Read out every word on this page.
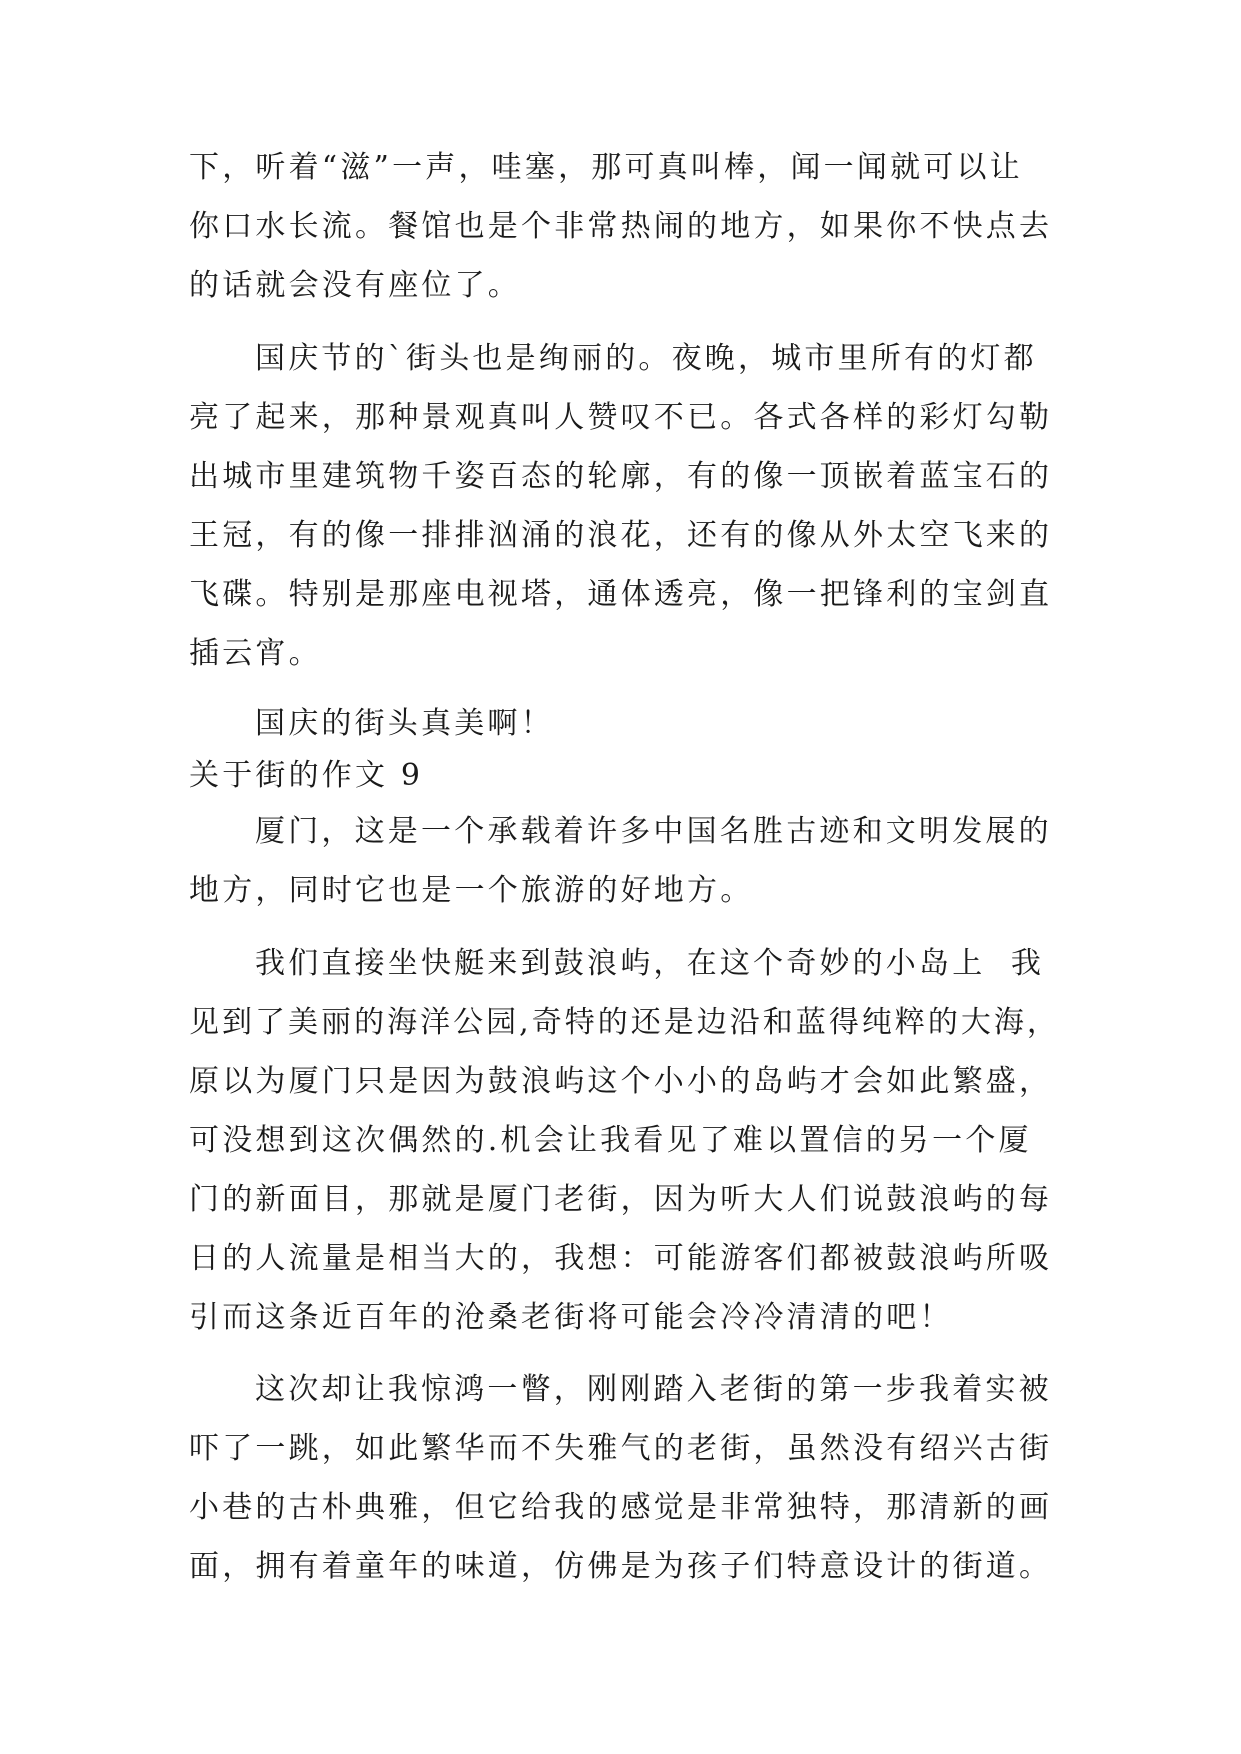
下，听着“滋”一声，哇塞，那可真叫棒，闻一闻就可以让
你口水长流。餐馆也是个非常热闹的地方，如果你不快点去
的话就会没有座位了。
国庆节的`街头也是绚丽的。夜晚，城市里所有的灯都
亮了起来，那种景观真叫人赞叹不已。各式各样的彩灯勾勒
出城市里建筑物千姿百态的轮廓，有的像一顶嵌着蓝宝石的
王冠，有的像一排排汹涌的浪花，还有的像从外太空飞来的
飞碟。特别是那座电视塔，通体透亮，像一把锋利的宝剑直
插云宵。
国庆的街头真美啊！
关于街的作文 9
厦门，这是一个承载着许多中国名胜古迹和文明发展的
地方，同时它也是一个旅游的好地方。
我们直接坐快艇来到鼓浪屿，在这个奇妙的小岛上  我
见到了美丽的海洋公园,奇特的还是边沿和蓝得纯粹的大海，
原以为厦门只是因为鼓浪屿这个小小的岛屿才会如此繁盛，
可没想到这次偶然的.机会让我看见了难以置信的另一个厦
门的新面目，那就是厦门老街，因为听大人们说鼓浪屿的每
日的人流量是相当大的，我想：可能游客们都被鼓浪屿所吸
引而这条近百年的沧桑老街将可能会冷冷清清的吧！
这次却让我惊鸿一瞥，刚刚踏入老街的第一步我着实被
吓了一跳，如此繁华而不失雅气的老街，虽然没有绍兴古街
小巷的古朴典雅，但它给我的感觉是非常独特，那清新的画
面，拥有着童年的味道，仿佛是为孩子们特意设计的街道。
